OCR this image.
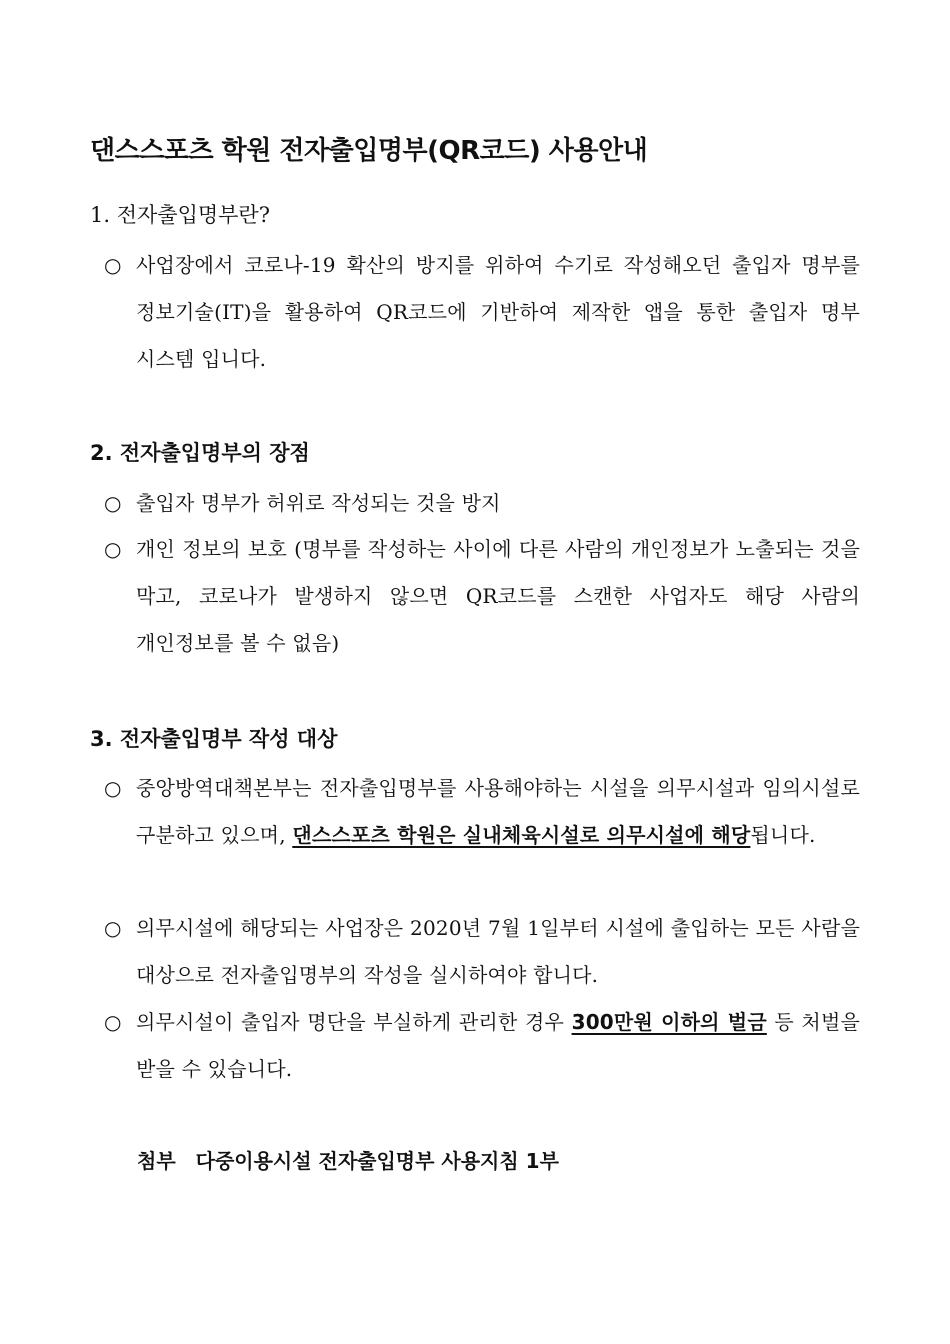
댄스스포츠 학원 전자출입명부(QR코드) 사용안내
1. 전자출입명부란?
○ 사업장에서 코로나-19 확산의 방지를 위하여 수기로 작성해오던 출입자 명부를 정보기술(IT)을 활용하여 QR코드에 기반하여 제작한 앱을 통한 출입자 명부 시스템 입니다.
2. 전자출입명부의 장점
○ 출입자 명부가 허위로 작성되는 것을 방지
○ 개인 정보의 보호 (명부를 작성하는 사이에 다른 사람의 개인정보가 노출되는 것을 막고, 코로나가 발생하지 않으면 QR코드를 스캔한 사업자도 해당 사람의 개인정보를 볼 수 없음)
3. 전자출입명부 작성 대상
○ 중앙방역대책본부는 전자출입명부를 사용해야하는 시설을 의무시설과 임의시설로 구분하고 있으며, 댄스스포츠 학원은 실내체육시설로 의무시설에 해당됩니다.
○ 의무시설에 해당되는 사업장은 2020년 7월 1일부터 시설에 출입하는 모든 사람을 대상으로 전자출입명부의 작성을 실시하여야 합니다.
○ 의무시설이 출입자 명단을 부실하게 관리한 경우 300만원 이하의 벌금 등 처벌을 받을 수 있습니다.
첨부 다중이용시설 전자출입명부 사용지침 1부
